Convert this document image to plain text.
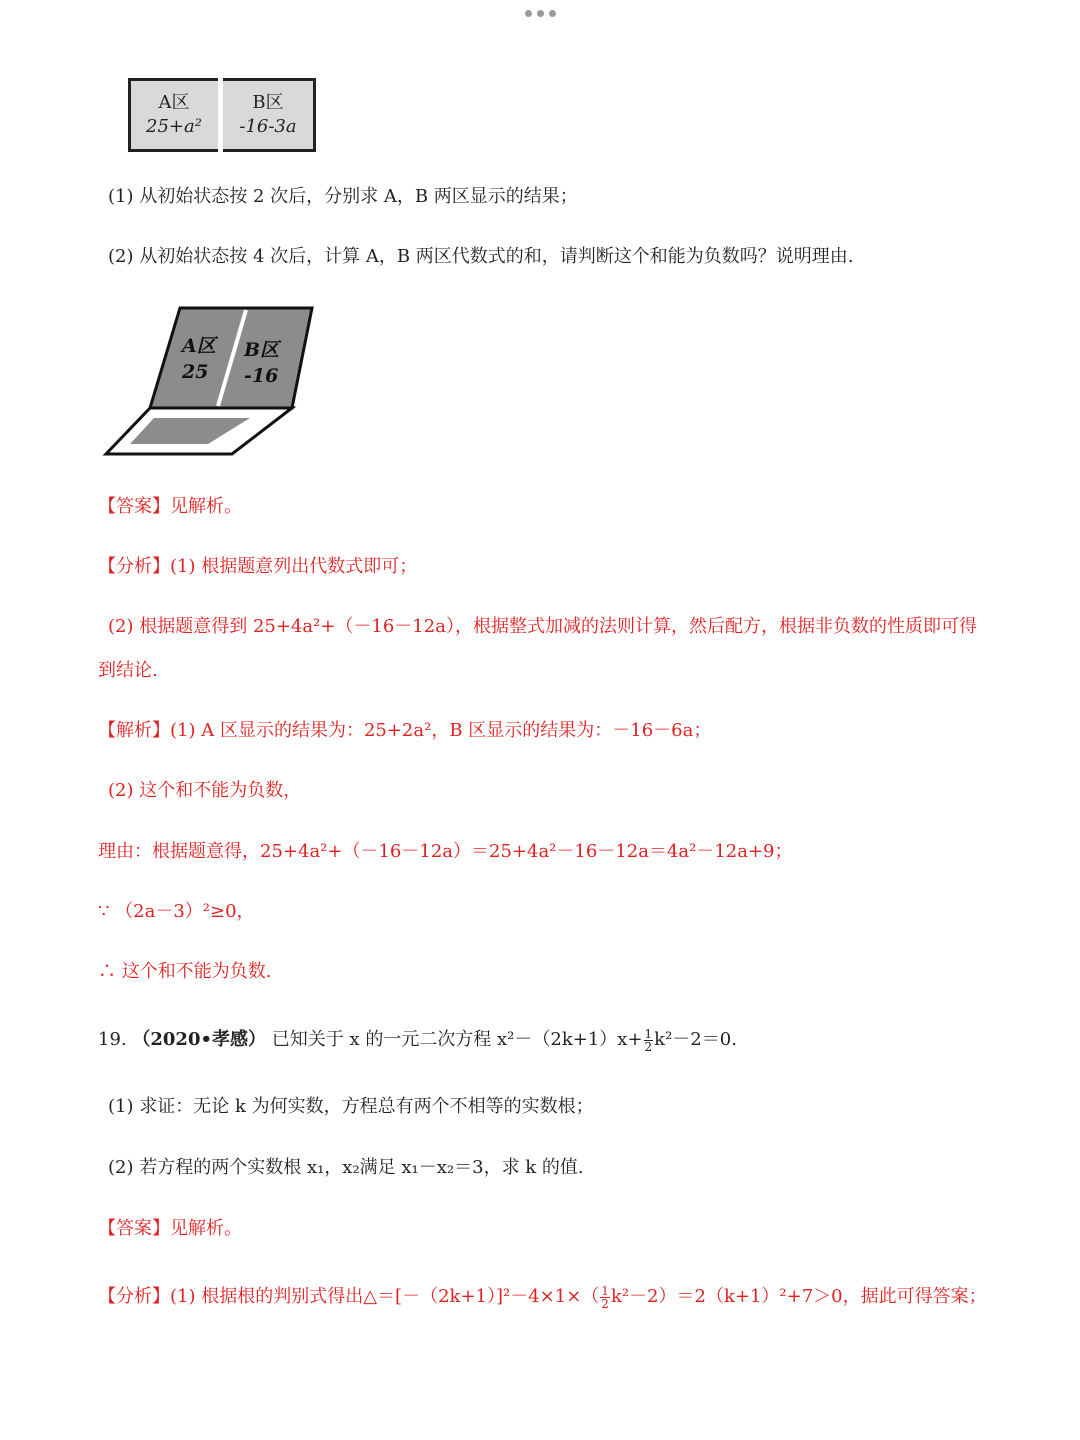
A区
25+a²
B区
-16-3a
(1) 从初始状态按 2 次后，分别求 A，B 两区显示的结果；
(2) 从初始状态按 4 次后，计算 A，B 两区代数式的和，请判断这个和能为负数吗？说明理由.
A区
25
B区
-16
【答案】见解析。
【分析】(1) 根据题意列出代数式即可；
(2) 根据题意得到 25+4a²+（－16－12a），根据整式加减的法则计算，然后配方，根据非负数的性质即可得
到结论.
【解析】(1) A 区显示的结果为：25+2a²，B 区显示的结果为：－16－6a；
(2) 这个和不能为负数，
理由：根据题意得，25+4a²+（－16－12a）＝25+4a²－16－12a＝4a²－12a+9；
∵ （2a－3）²≥0，
∴ 这个和不能为负数.
19. （2020•孝感） 已知关于 x 的一元二次方程 $x^2-(2k+1)x+ \frac{1}{2} k^2-2=0$.
(1) 求证：无论 k 为何实数，方程总有两个不相等的实数根；
(2) 若方程的两个实数根 x₁，x₂满足 x₁－x₂＝3，求 k 的值.
【答案】见解析。
【分析】(1) 根据根的判别式得出△＝[－（2k+1）]²－4×1×（ $\frac{1}{2} k^2-2)=2(k+1)^2+7>0$，据此可得答案；
